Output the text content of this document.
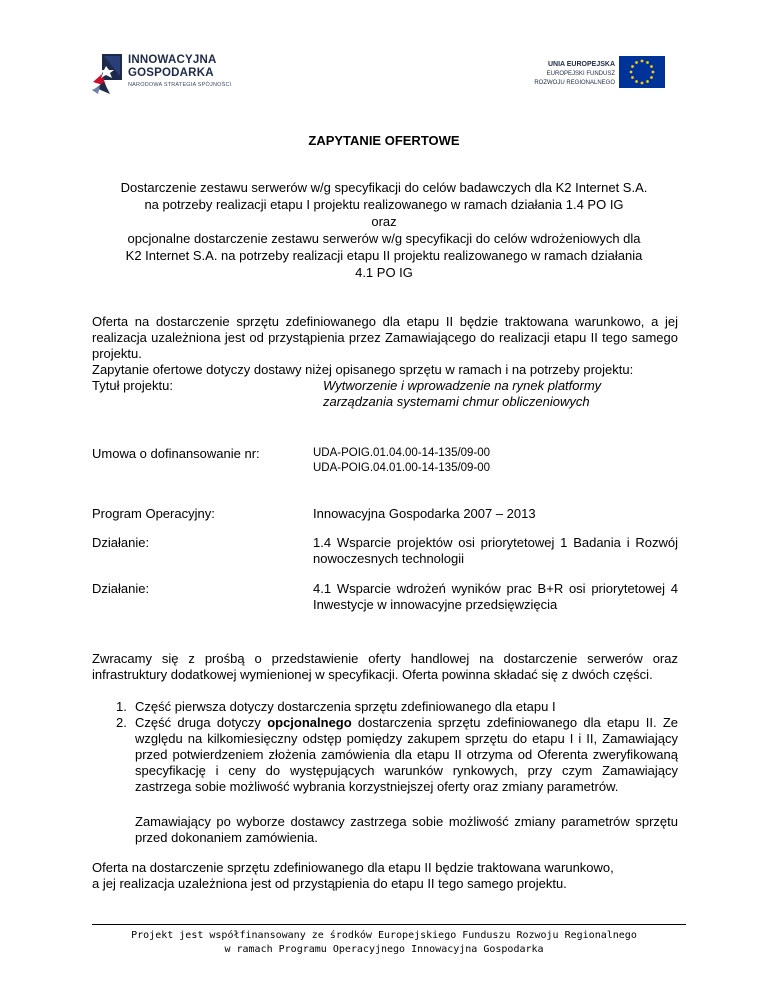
INNOWACYJNA
GOSPODARKA
NARODOWA STRATEGIA SPÓJNOŚCI
UNIA EUROPEJSKA
EUROPEJSKI FUNDUSZ
ROZWOJU REGIONALNEGO
ZAPYTANIE OFERTOWE
Dostarczenie zestawu serwerów w/g specyfikacji do celów badawczych dla K2 Internet S.A.
na potrzeby realizacji etapu I projektu realizowanego w ramach działania 1.4 PO IG
oraz
opcjonalne dostarczenie zestawu serwerów w/g specyfikacji do celów wdrożeniowych dla
K2 Internet S.A. na potrzeby realizacji etapu II projektu realizowanego w ramach działania
4.1 PO IG

Oferta na dostarczenie sprzętu zdefiniowanego dla etapu II będzie traktowana warunkowo, a jej realizacja uzależniona jest od przystąpienia przez Zamawiającego do realizacji etapu II tego samego projektu.

Zapytanie ofertowe dotyczy dostawy niżej opisanego sprzętu w ramach i na potrzeby projektu:

Tytuł projektu:	Wytworzenie i wprowadzenie na rynek platformy zarządzania systemami chmur obliczeniowych
Umowa o dofinansowanie nr:	UDA-POIG.01.04.00-14-135/09-00
UDA-POIG.04.01.00-14-135/09-00
Program Operacyjny:	Innowacyjna Gospodarka 2007 – 2013
Działanie:	1.4 Wsparcie projektów osi priorytetowej 1 Badania i Rozwój nowoczesnych technologii
Działanie:	4.1 Wsparcie wdrożeń wyników prac B+R osi priorytetowej 4 Inwestycje w innowacyjne przedsięwzięcia

Zwracamy się z prośbą o przedstawienie oferty handlowej na dostarczenie serwerów oraz infrastruktury dodatkowej wymienionej w specyfikacji. Oferta powinna składać się z dwóch części.

1. Część pierwsza dotyczy dostarczenia sprzętu zdefiniowanego dla etapu I
2. Część druga dotyczy opcjonalnego dostarczenia sprzętu zdefiniowanego dla etapu II. Ze względu na kilkomiesięczny odstęp pomiędzy zakupem sprzętu do etapu I i II, Zamawiający przed potwierdzeniem złożenia zamówienia dla etapu II otrzyma od Oferenta zweryfikowaną specyfikację i ceny do występujących warunków rynkowych, przy czym Zamawiający zastrzega sobie możliwość wybrania korzystniejszej oferty oraz zmiany parametrów.

Zamawiający po wyborze dostawcy zastrzega sobie możliwość zmiany parametrów sprzętu przed dokonaniem zamówienia.

Oferta na dostarczenie sprzętu zdefiniowanego dla etapu II będzie traktowana warunkowo,

a jej realizacja uzależniona jest od przystąpienia do etapu II tego samego projektu.

Projekt jest współfinansowany ze środków Europejskiego Funduszu Rozwoju Regionalnego
w ramach Programu Operacyjnego Innowacyjna Gospodarka
